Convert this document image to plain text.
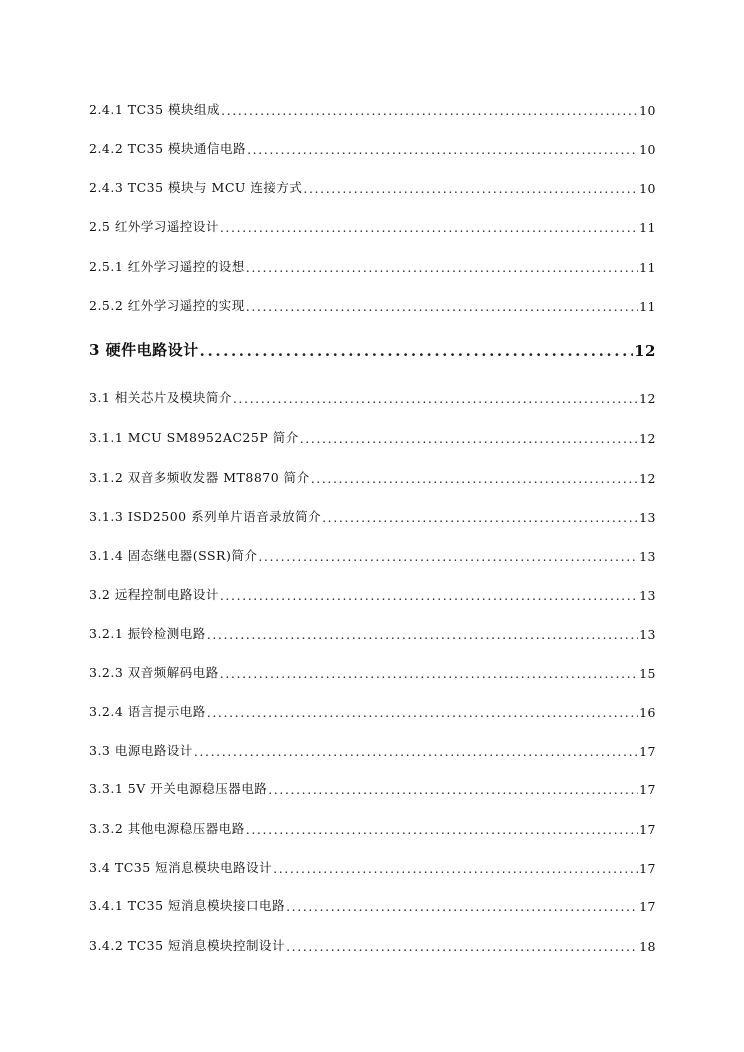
2.4.1 TC35 模块组成 .....	10
2.4.2 TC35 模块通信电路 .....	10
2.4.3 TC35 模块与 MCU 连接方式 .....	10
2.5 红外学习遥控设计 .....	11
2.5.1 红外学习遥控的设想 .....	11
2.5.2 红外学习遥控的实现 .....	11
3 硬件电路设计 .....	12
3.1 相关芯片及模块简介 .....	12
3.1.1 MCU SM8952AC25P 简介 .....	12
3.1.2 双音多频收发器 MT8870 简介 .....	12
3.1.3 ISD2500 系列单片语音录放简介 .....	13
3.1.4 固态继电器(SSR)简介 .....	13
3.2 远程控制电路设计 .....	13
3.2.1 振铃检测电路 .....	13
3.2.3 双音频解码电路 .....	15
3.2.4 语言提示电路 .....	16
3.3 电源电路设计 .....	17
3.3.1 5V 开关电源稳压器电路 .....	17
3.3.2 其他电源稳压器电路 .....	17
3.4 TC35 短消息模块电路设计 .....	17
3.4.1 TC35 短消息模块接口电路 .....	17
3.4.2 TC35 短消息模块控制设计 .....	18
